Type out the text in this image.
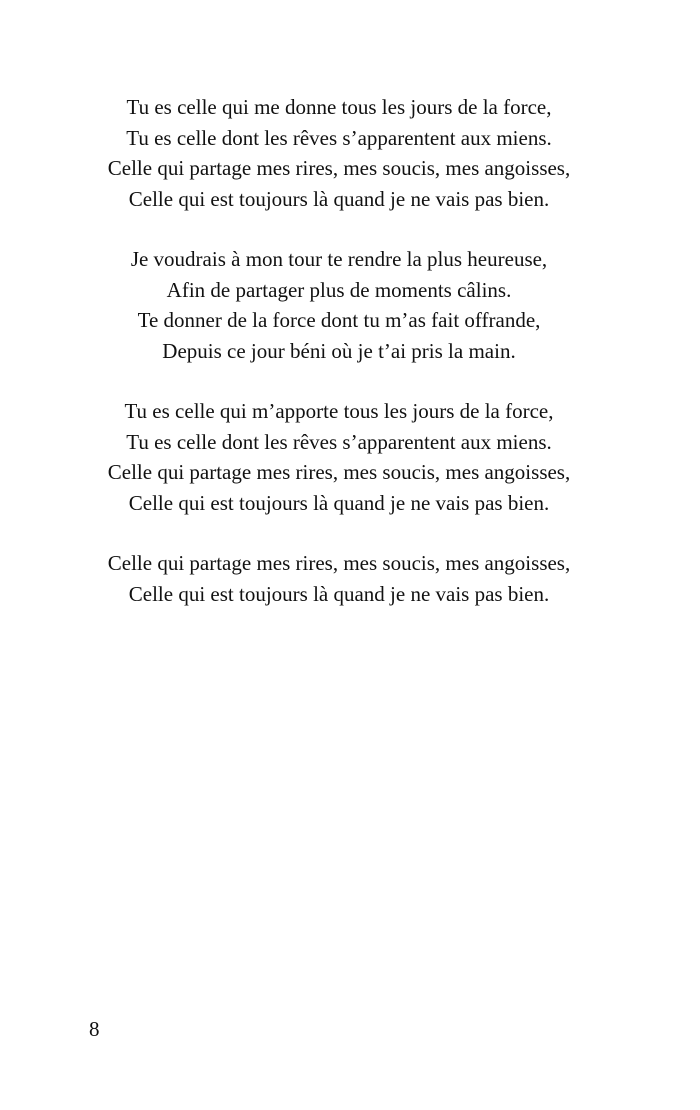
Tu es celle qui me donne tous les jours de la force,
Tu es celle dont les rêves s’apparentent aux miens.
Celle qui partage mes rires, mes soucis, mes angoisses,
Celle qui est toujours là quand je ne vais pas bien.
Je voudrais à mon tour te rendre la plus heureuse,
Afin de partager plus de moments câlins.
Te donner de la force dont tu m’as fait offrande,
Depuis ce jour béni où je t’ai pris la main.
Tu es celle qui m’apporte tous les jours de la force,
Tu es celle dont les rêves s’apparentent aux miens.
Celle qui partage mes rires, mes soucis, mes angoisses,
Celle qui est toujours là quand je ne vais pas bien.
Celle qui partage mes rires, mes soucis, mes angoisses,
Celle qui est toujours là quand je ne vais pas bien.
8
